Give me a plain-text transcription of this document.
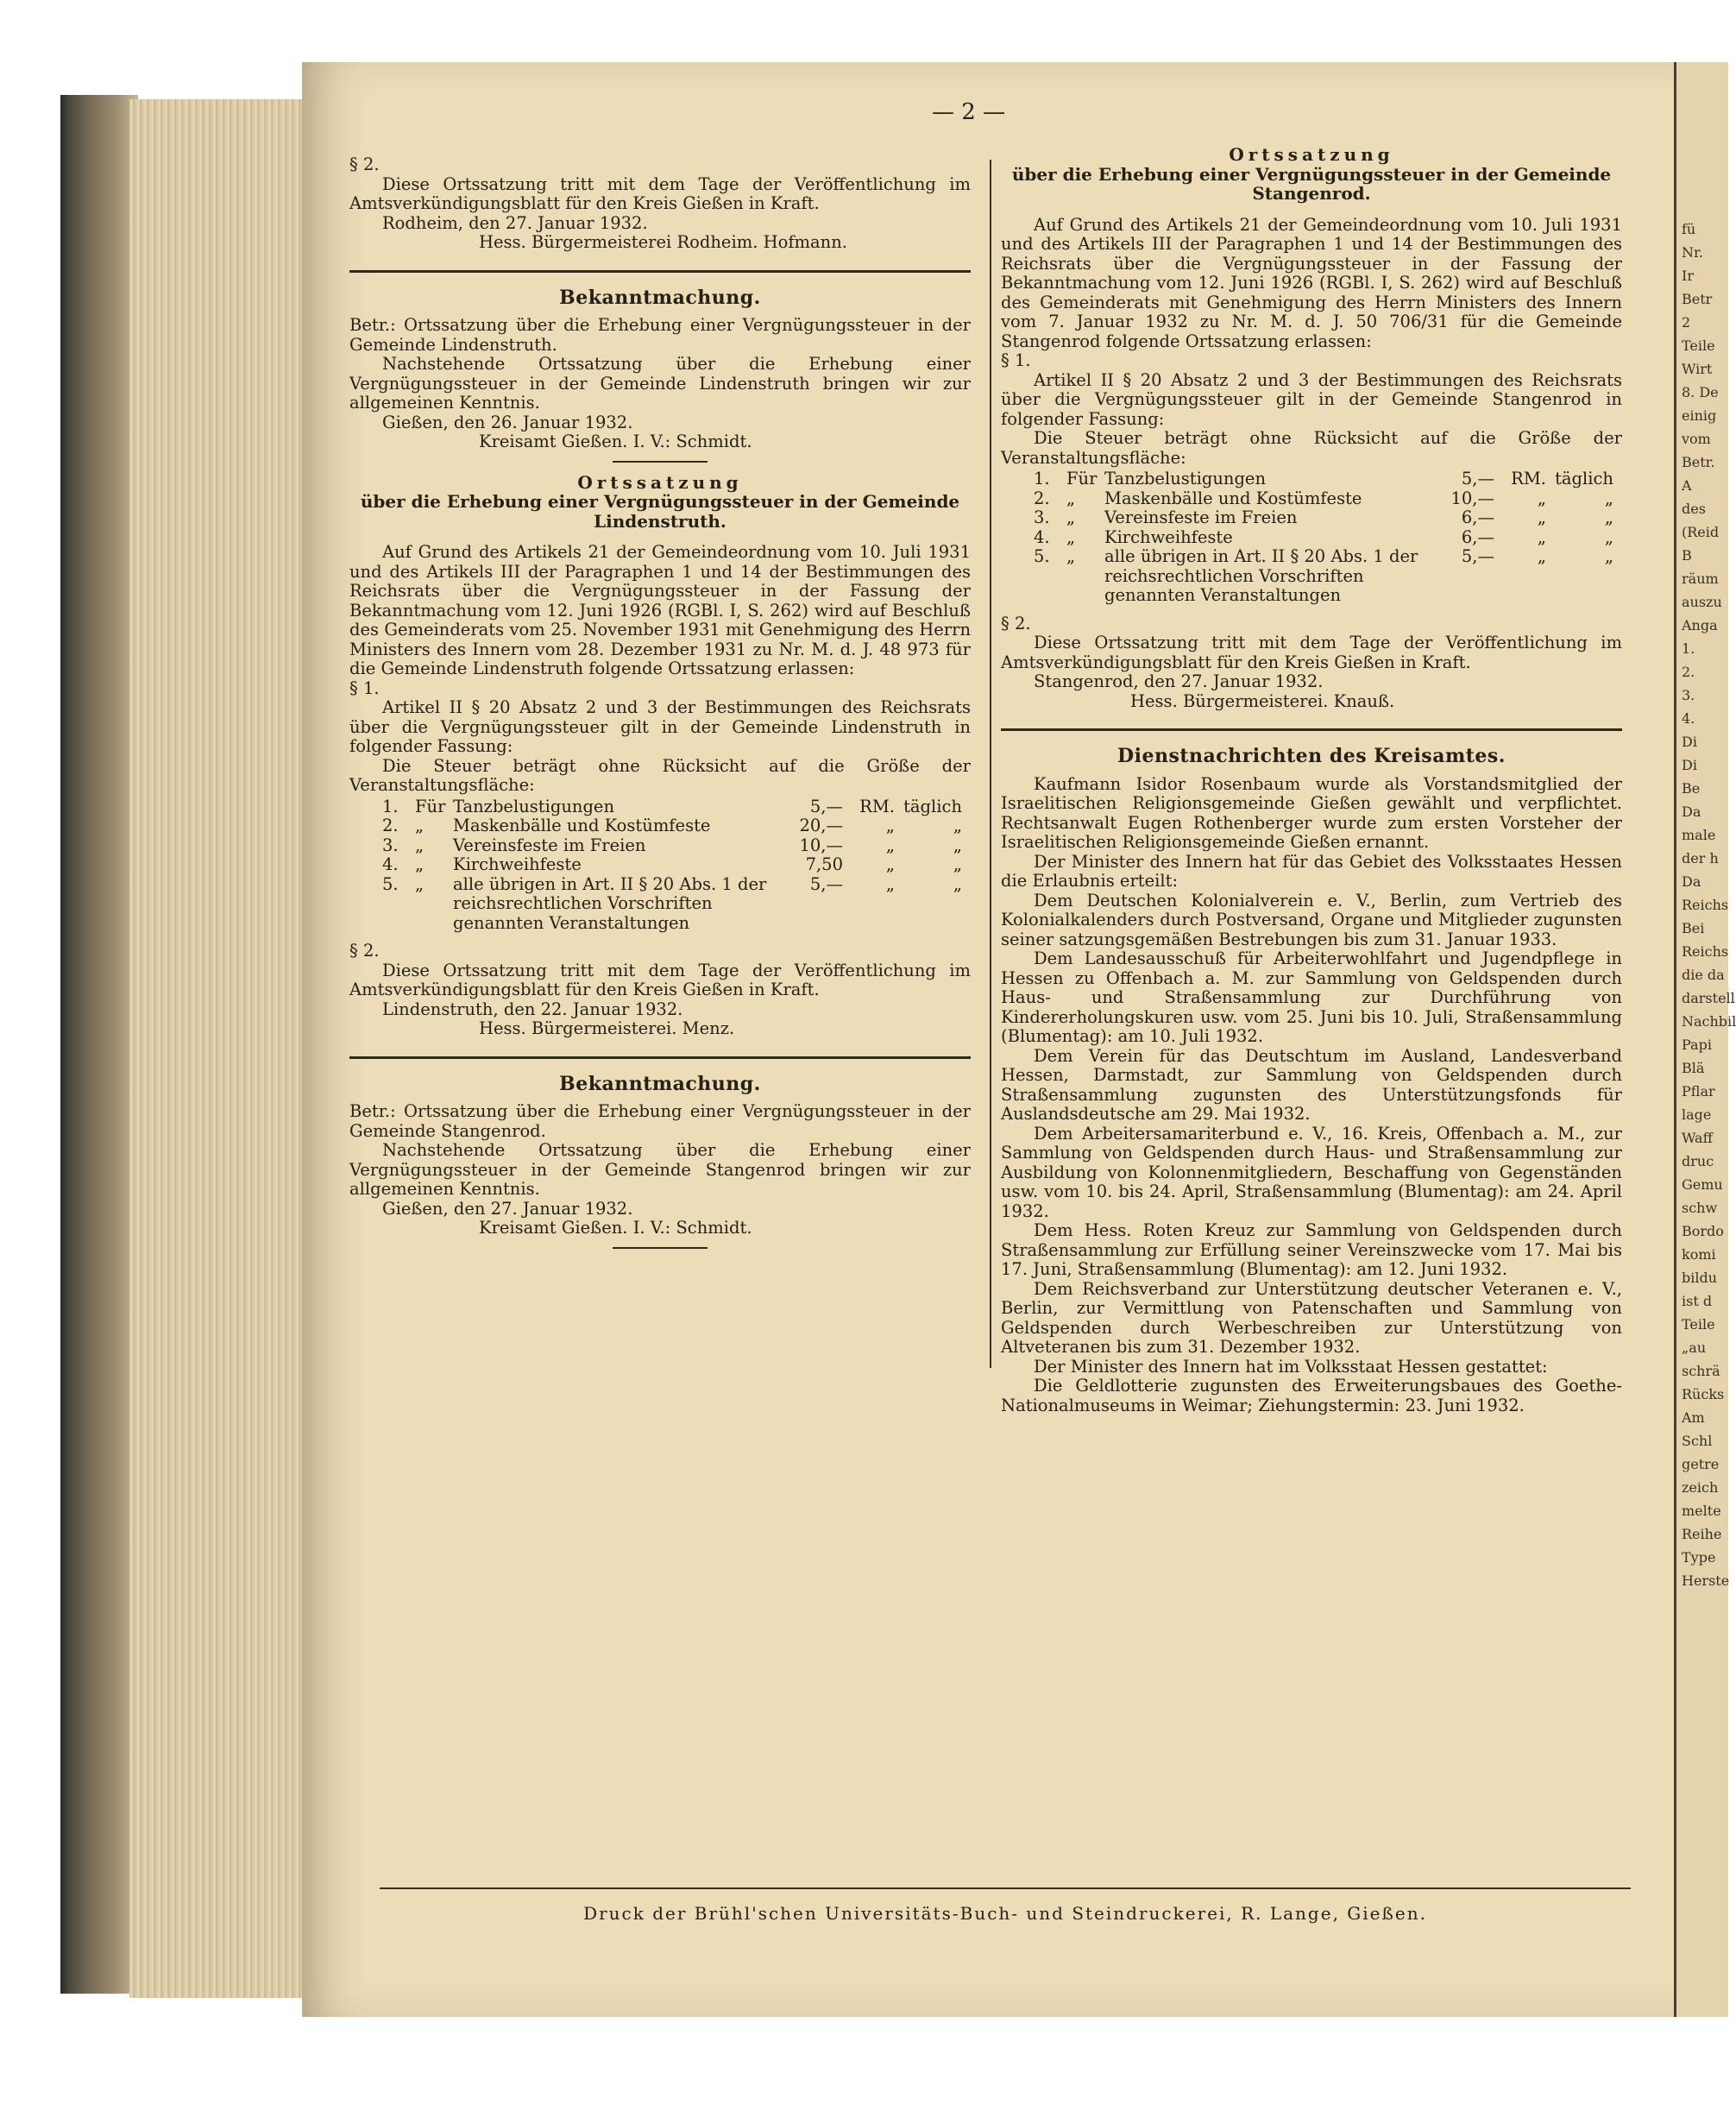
fü
Nr.
Ir
Betr
2
Teile
Wirt
8. De
einig
vom
Betr.
A
des
(Reid
B
räum
auszu
Anga
1.
2.
3.
4.
Di
Di
Be
Da
male
der h
Da
Reichs
Bei
Reichs
die da
darstell
Nachbil
Papi
Blä
Pflar
lage
Waff
druc
Gemu
schw
Bordo
komi
bildu
ist d
Teile
„au
schrä
Rücks
Am
Schl
getre
zeich
melte
Reihe
Type
Herste
— 2 —

§ 2.

Diese Ortssatzung tritt mit dem Tage der Veröffentlichung im Amtsverkündigungsblatt für den Kreis Gießen in Kraft.

Rodheim, den 27. Januar 1932.

Hess. Bürgermeisterei Rodheim. Hofmann.

Bekanntmachung.

Betr.: Ortssatzung über die Erhebung einer Vergnügungssteuer in der Gemeinde Lindenstruth.

Nachstehende Ortssatzung über die Erhebung einer Vergnügungssteuer in der Gemeinde Lindenstruth bringen wir zur allgemeinen Kenntnis.

Gießen, den 26. Januar 1932.

Kreisamt Gießen. I. V.: Schmidt.

Ortssatzung
über die Erhebung einer Vergnügungssteuer in der Gemeinde Lindenstruth.

Auf Grund des Artikels 21 der Gemeindeordnung vom 10. Juli 1931 und des Artikels III der Paragraphen 1 und 14 der Bestimmungen des Reichsrats über die Vergnügungssteuer in der Fassung der Bekanntmachung vom 12. Juni 1926 (RGBl. I, S. 262) wird auf Beschluß des Gemeinderats vom 25. November 1931 mit Genehmigung des Herrn Ministers des Innern vom 28. Dezember 1931 zu Nr. M. d. J. 48 973 für die Gemeinde Lindenstruth folgende Ortssatzung erlassen:

§ 1.

Artikel II § 20 Absatz 2 und 3 der Bestimmungen des Reichsrats über die Vergnügungssteuer gilt in der Gemeinde Lindenstruth in folgender Fassung:

Die Steuer beträgt ohne Rücksicht auf die Größe der Veranstaltungsfläche:

1.	Für	Tanzbelustigungen	5,—	RM.	täglich
2.	„	Maskenbälle und Kostümfeste	20,—	„	„
3.	„	Vereinsfeste im Freien	10,—	„	„
4.	„	Kirchweihfeste	7,50	„	„
5.	„	alle übrigen in Art. II § 20 Abs. 1 der reichsrechtlichen Vorschriften genannten Veranstaltungen	5,—	„	„

§ 2.

Diese Ortssatzung tritt mit dem Tage der Veröffentlichung im Amtsverkündigungsblatt für den Kreis Gießen in Kraft.

Lindenstruth, den 22. Januar 1932.

Hess. Bürgermeisterei. Menz.

Bekanntmachung.

Betr.: Ortssatzung über die Erhebung einer Vergnügungssteuer in der Gemeinde Stangenrod.

Nachstehende Ortssatzung über die Erhebung einer Vergnügungssteuer in der Gemeinde Stangenrod bringen wir zur allgemeinen Kenntnis.

Gießen, den 27. Januar 1932.

Kreisamt Gießen. I. V.: Schmidt.

Ortssatzung
über die Erhebung einer Vergnügungssteuer in der Gemeinde Stangenrod.

Auf Grund des Artikels 21 der Gemeindeordnung vom 10. Juli 1931 und des Artikels III der Paragraphen 1 und 14 der Bestimmungen des Reichsrats über die Vergnügungssteuer in der Fassung der Bekanntmachung vom 12. Juni 1926 (RGBl. I, S. 262) wird auf Beschluß des Gemeinderats mit Genehmigung des Herrn Ministers des Innern vom 7. Januar 1932 zu Nr. M. d. J. 50 706/31 für die Gemeinde Stangenrod folgende Ortssatzung erlassen:

§ 1.

Artikel II § 20 Absatz 2 und 3 der Bestimmungen des Reichsrats über die Vergnügungssteuer gilt in der Gemeinde Stangenrod in folgender Fassung:

Die Steuer beträgt ohne Rücksicht auf die Größe der Veranstaltungsfläche:

1.	Für	Tanzbelustigungen	5,—	RM.	täglich
2.	„	Maskenbälle und Kostümfeste	10,—	„	„
3.	„	Vereinsfeste im Freien	6,—	„	„
4.	„	Kirchweihfeste	6,—	„	„
5.	„	alle übrigen in Art. II § 20 Abs. 1 der reichsrechtlichen Vorschriften genannten Veranstaltungen	5,—	„	„

§ 2.

Diese Ortssatzung tritt mit dem Tage der Veröffentlichung im Amtsverkündigungsblatt für den Kreis Gießen in Kraft.

Stangenrod, den 27. Januar 1932.

Hess. Bürgermeisterei. Knauß.

Dienstnachrichten des Kreisamtes.

Kaufmann Isidor Rosenbaum wurde als Vorstandsmitglied der Israelitischen Religionsgemeinde Gießen gewählt und verpflichtet. Rechtsanwalt Eugen Rothenberger wurde zum ersten Vorsteher der Israelitischen Religionsgemeinde Gießen ernannt.

Der Minister des Innern hat für das Gebiet des Volksstaates Hessen die Erlaubnis erteilt:

Dem Deutschen Kolonialverein e. V., Berlin, zum Vertrieb des Kolonialkalenders durch Postversand, Organe und Mitglieder zugunsten seiner satzungsgemäßen Bestrebungen bis zum 31. Januar 1933.

Dem Landesausschuß für Arbeiterwohlfahrt und Jugendpflege in Hessen zu Offenbach a. M. zur Sammlung von Geldspenden durch Haus- und Straßensammlung zur Durchführung von Kindererholungskuren usw. vom 25. Juni bis 10. Juli, Straßensammlung (Blumentag): am 10. Juli 1932.

Dem Verein für das Deutschtum im Ausland, Landesverband Hessen, Darmstadt, zur Sammlung von Geldspenden durch Straßensammlung zugunsten des Unterstützungsfonds für Auslandsdeutsche am 29. Mai 1932.

Dem Arbeitersamariterbund e. V., 16. Kreis, Offenbach a. M., zur Sammlung von Geldspenden durch Haus- und Straßensammlung zur Ausbildung von Kolonnenmitgliedern, Beschaffung von Gegenständen usw. vom 10. bis 24. April, Straßensammlung (Blumentag): am 24. April 1932.

Dem Hess. Roten Kreuz zur Sammlung von Geldspenden durch Straßensammlung zur Erfüllung seiner Vereinszwecke vom 17. Mai bis 17. Juni, Straßensammlung (Blumentag): am 12. Juni 1932.

Dem Reichsverband zur Unterstützung deutscher Veteranen e. V., Berlin, zur Vermittlung von Patenschaften und Sammlung von Geldspenden durch Werbeschreiben zur Unterstützung von Altveteranen bis zum 31. Dezember 1932.

Der Minister des Innern hat im Volksstaat Hessen gestattet:

Die Geldlotterie zugunsten des Erweiterungsbaues des Goethe-Nationalmuseums in Weimar; Ziehungstermin: 23. Juni 1932.

Druck der Brühl'schen Universitäts-Buch- und Steindruckerei, R. Lange, Gießen.
